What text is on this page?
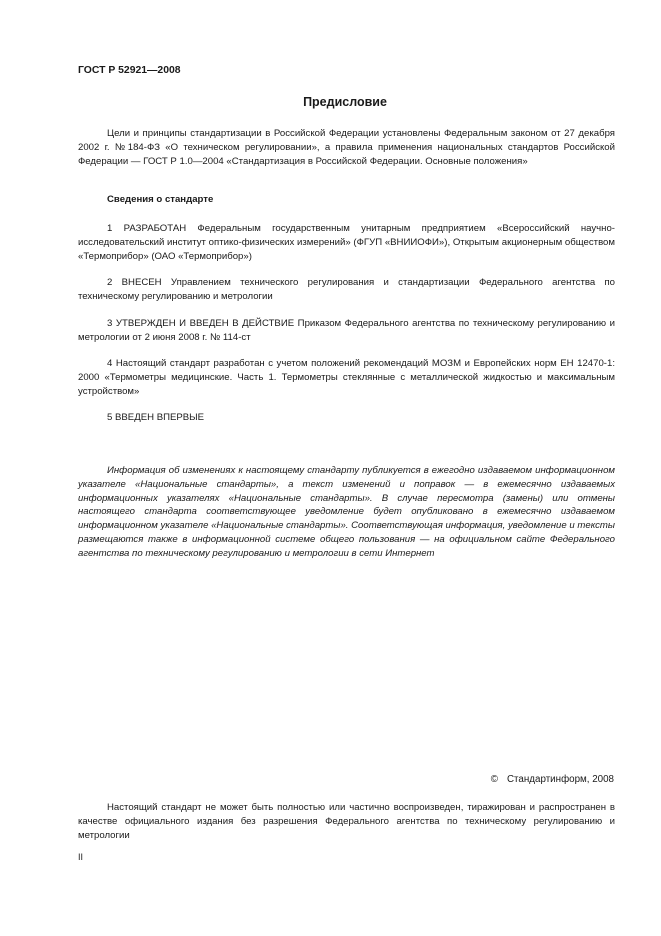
ГОСТ Р 52921—2008
Предисловие

Цели и принципы стандартизации в Российской Федерации установлены Федеральным законом от 27 декабря 2002 г. №184-ФЗ «О техническом регулировании», а правила применения национальных стандартов Российской Федерации — ГОСТ Р 1.0—2004 «Стандартизация в Российской Федерации. Основные положения»

Сведения о стандарте

1 РАЗРАБОТАН Федеральным государственным унитарным предприятием «Всероссийский научно-исследовательский институт оптико-физических измерений» (ФГУП «ВНИИОФИ»), Открытым акционерным обществом «Термоприбор» (ОАО «Термоприбор»)

2 ВНЕСЕН Управлением технического регулирования и стандартизации Федерального агентства по техническому регулированию и метрологии

3 УТВЕРЖДЕН И ВВЕДЕН В ДЕЙСТВИЕ Приказом Федерального агентства по техническому регулированию и метрологии от 2 июня 2008 г. № 114-ст

4 Настоящий стандарт разработан с учетом положений рекомендаций МОЗМ и Европейских норм ЕН 12470-1: 2000 «Термометры медицинские. Часть 1. Термометры стеклянные с металлической жидкостью и максимальным устройством»

5 ВВЕДЕН ВПЕРВЫЕ

Информация об изменениях к настоящему стандарту публикуется в ежегодно издаваемом информационном указателе «Национальные стандарты», а текст изменений и поправок — в ежемесячно издаваемых информационных указателях «Национальные стандарты». В случае пересмотра (замены) или отмены настоящего стандарта соответствующее уведомление будет опубликовано в ежемесячно издаваемом информационном указателе «Национальные стандарты». Соответствующая информация, уведомление и тексты размещаются также в информационной системе общего пользования — на официальном сайте Федерального агентства по техническому регулированию и метрологии в сети Интернет

© Стандартинформ, 2008

Настоящий стандарт не может быть полностью или частично воспроизведен, тиражирован и распространен в качестве официального издания без разрешения Федерального агентства по техническому регулированию и метрологии

II
